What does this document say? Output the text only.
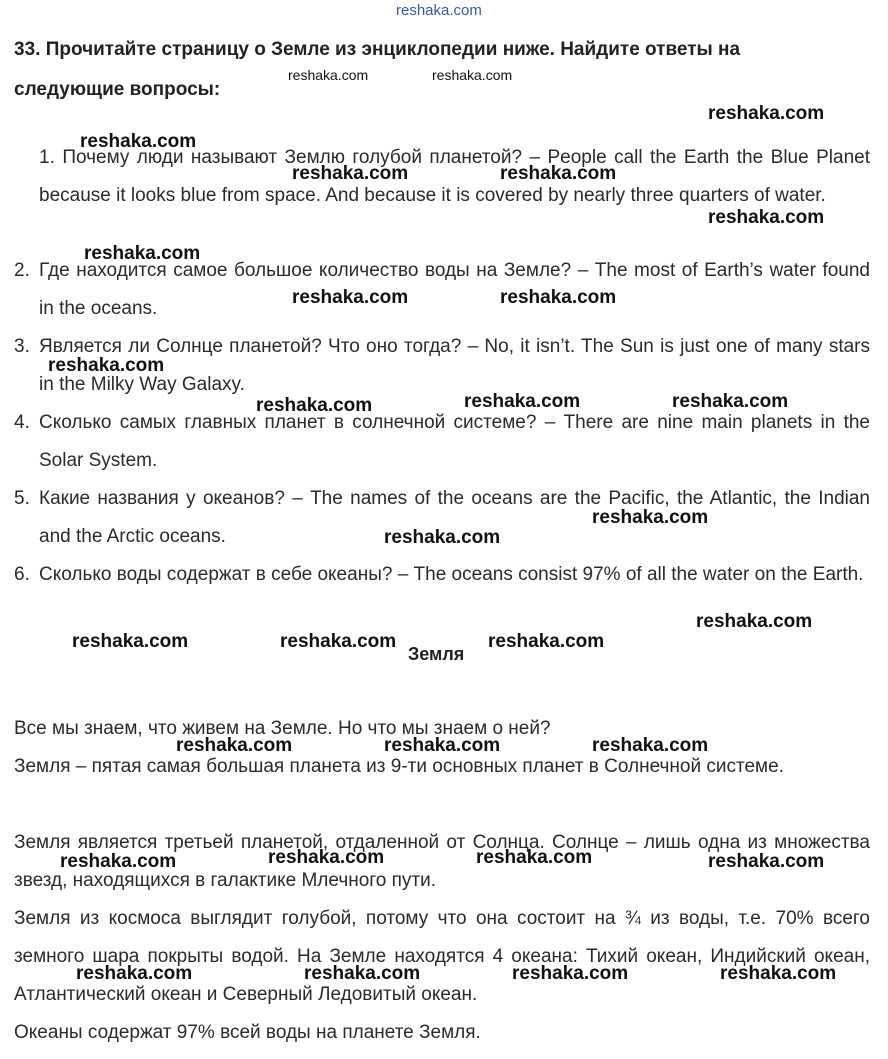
reshaka.com
33. Прочитайте страницу о Земле из энциклопедии ниже. Найдите ответы на
следующие вопросы:
1. Почему люди называют Землю голубой планетой? – People call the Earth the Blue Planet because it looks blue from space. And because it is covered by nearly three quarters of water.
2. Где находится самое большое количество воды на Земле? – The most of Earth’s water found in the oceans.
3. Является ли Солнце планетой? Что оно тогда? – No, it isn’t. The Sun is just one of many stars in the Milky Way Galaxy.
4. Сколько самых главных планет в солнечной системе? – There are nine main planets in the Solar System.
5. Какие названия у океанов? – The names of the oceans are the Pacific, the Atlantic, the Indian and the Arctic oceans.
6. Сколько воды содержат в себе океаны? – The oceans consist 97% of all the water on the Earth.
Земля
Все мы знаем, что живем на Земле. Но что мы знаем о ней?
Земля – пятая самая большая планета из 9-ти основных планет в Солнечной системе.
Земля является третьей планетой, отдаленной от Солнца. Солнце – лишь одна из множества звезд, находящихся в галактике Млечного пути.
Земля из космоса выглядит голубой, потому что она состоит на ¾ из воды, т.е. 70% всего земного шара покрыты водой. На Земле находятся 4 океана: Тихий океан, Индийский океан, Атлантический океан и Северный Ледовитый океан.
Океаны содержат 97% всей воды на планете Земля.
reshaka.com	reshaka.com
reshaka.com
reshaka.com
reshaka.com	reshaka.com
reshaka.com
reshaka.com
reshaka.com	reshaka.com
reshaka.com
reshaka.com	reshaka.com	reshaka.com
reshaka.com
reshaka.com
reshaka.com
reshaka.com	reshaka.com	reshaka.com
reshaka.com	reshaka.com	reshaka.com
reshaka.com	reshaka.com
reshaka.com	reshaka.com
reshaka.com	reshaka.com	reshaka.com	reshaka.com
